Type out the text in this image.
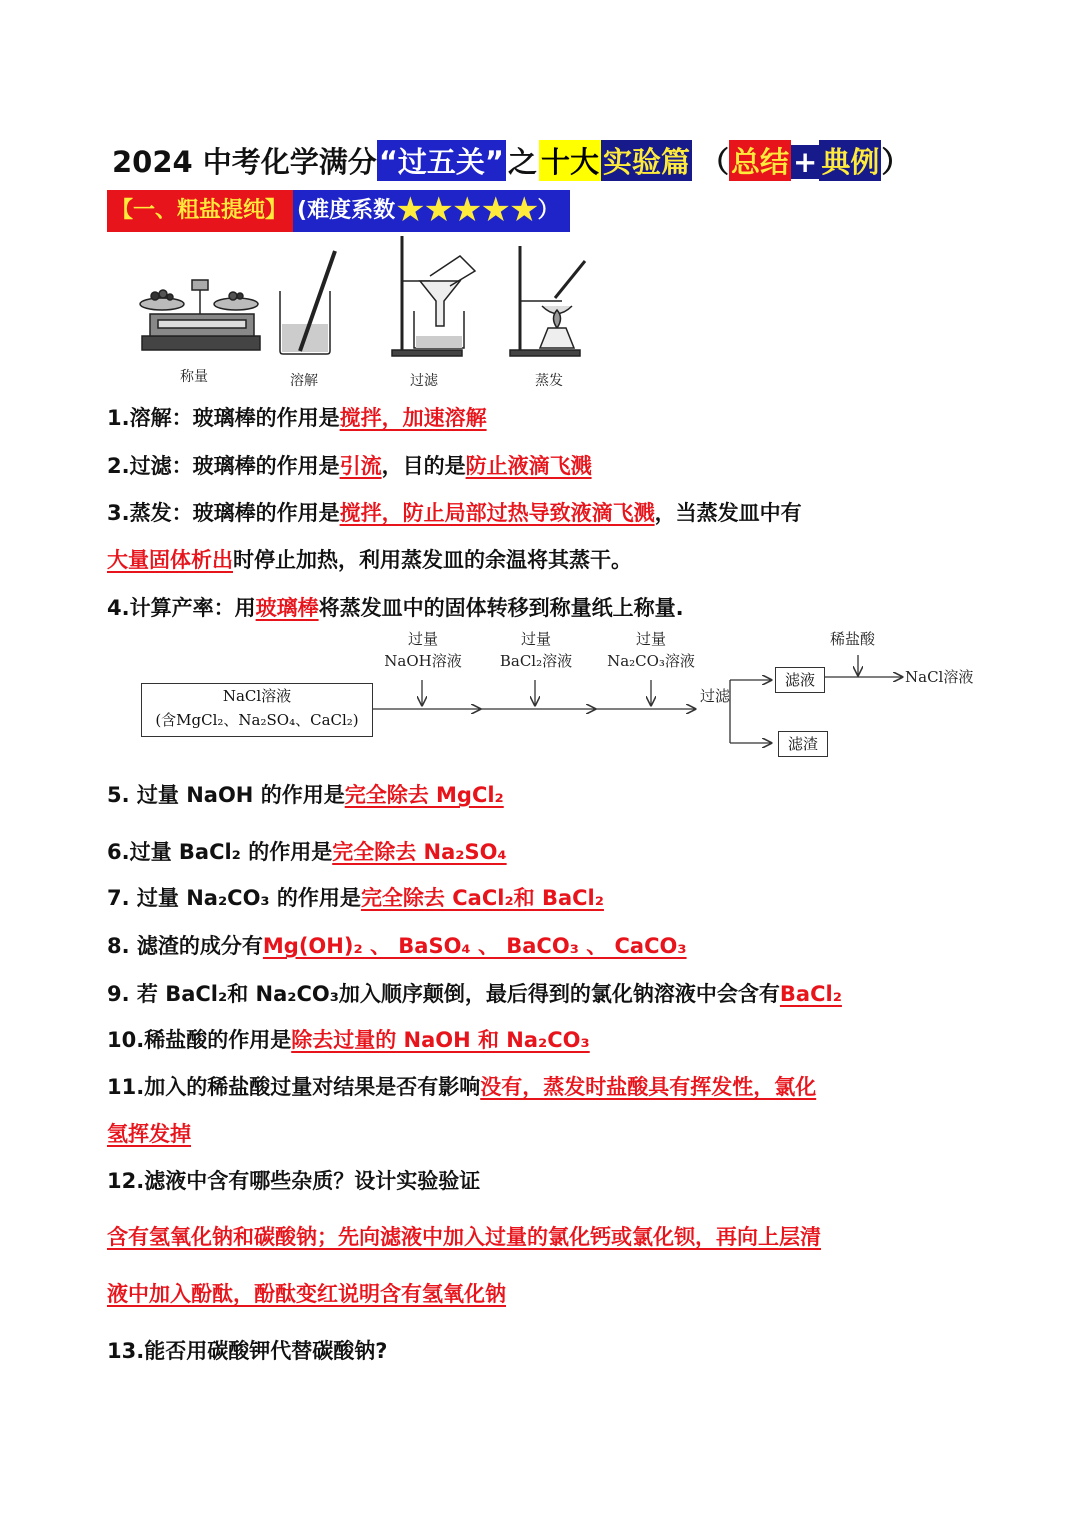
2024 中考化学满分“过五关” 之 十大 实验篇 （总结 + 典例）
【一、粗盐提纯】 (难度系数★★★★★）
称量	溶解	过滤	蒸发
1.溶解：玻璃棒的作用是搅拌，加速溶解
2.过滤：玻璃棒的作用是引流，目的是防止液滴飞溅
3.蒸发：玻璃棒的作用是搅拌，防止局部过热导致液滴飞溅，当蒸发皿中有
大量固体析出时停止加热，利用蒸发皿的余温将其蒸干。
4.计算产率：用玻璃棒将蒸发皿中的固体转移到称量纸上称量.
NaCl溶液
(含MgCl₂、Na₂SO₄、CaCl₂)
过量
NaOH溶液
过量
BaCl₂溶液
过量
Na₂CO₃溶液
过滤
滤液
滤渣
稀盐酸
NaCl溶液
5. 过量 NaOH 的作用是完全除去 MgCl₂
6.过量 BaCl₂ 的作用是完全除去 Na₂SO₄
7. 过量 Na₂CO₃ 的作用是完全除去 CaCl₂和 BaCl₂
8. 滤渣的成分有Mg(OH)₂ 、 BaSO₄ 、 BaCO₃ 、 CaCO₃
9. 若 BaCl₂和 Na₂CO₃加入顺序颠倒，最后得到的氯化钠溶液中会含有BaCl₂
10.稀盐酸的作用是除去过量的 NaOH 和 Na₂CO₃
11.加入的稀盐酸过量对结果是否有影响没有，蒸发时盐酸具有挥发性，氯化
氢挥发掉
12.滤液中含有哪些杂质？设计实验验证
含有氢氧化钠和碳酸钠；先向滤液中加入过量的氯化钙或氯化钡，再向上层清
液中加入酚酞，酚酞变红说明含有氢氧化钠
13.能否用碳酸钾代替碳酸钠?
